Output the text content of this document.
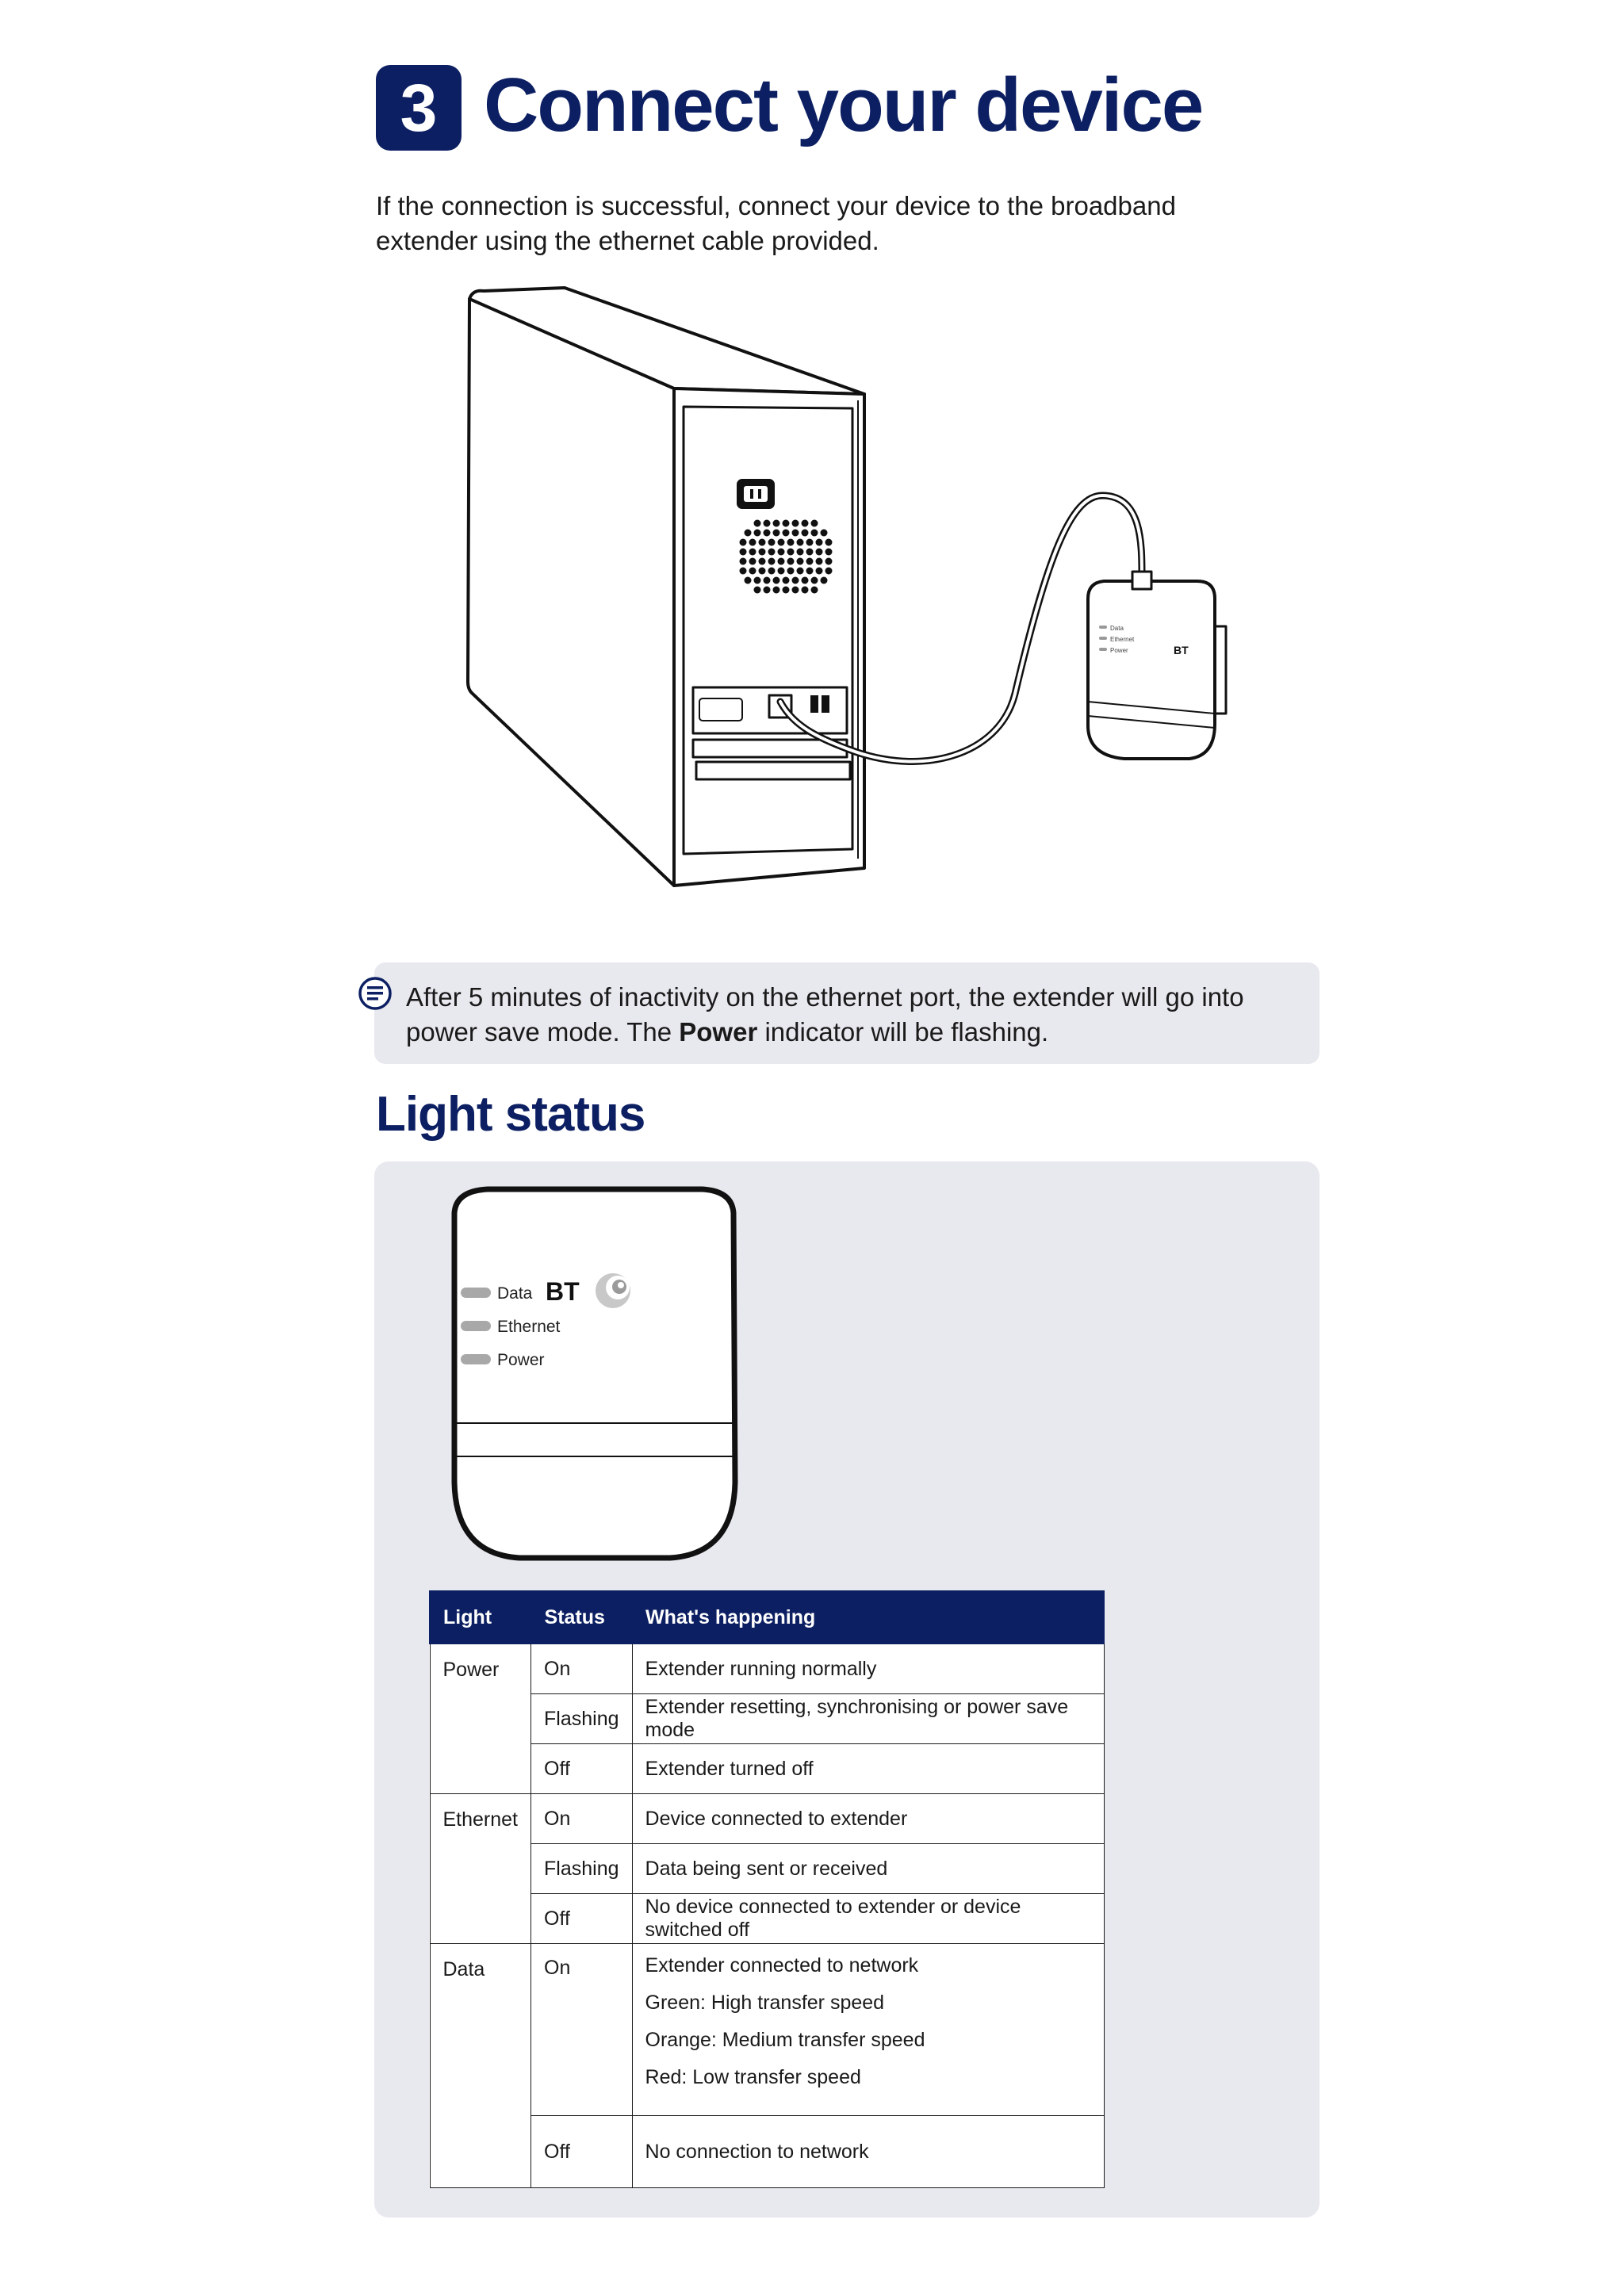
3 Connect your device
If the connection is successful, connect your device to the broadband extender using the ethernet cable provided.
BT
Data
Ethernet
Power
After 5 minutes of inactivity on the ethernet port, the extender will go into power save mode. The Power indicator will be flashing.
Light status
Data
Ethernet
Power
BT
Light	Status	What's happening
Power	On	Extender running normally
	Flashing	Extender resetting, synchronising or power save mode
	Off	Extender turned off
Ethernet	On	Device connected to extender
	Flashing	Data being sent or received
	Off	No device connected to extender or device switched off
Data	On	Extender connected to network
Green: High transfer speed
Orange: Medium transfer speed
Red: Low transfer speed

	Off	No connection to network
